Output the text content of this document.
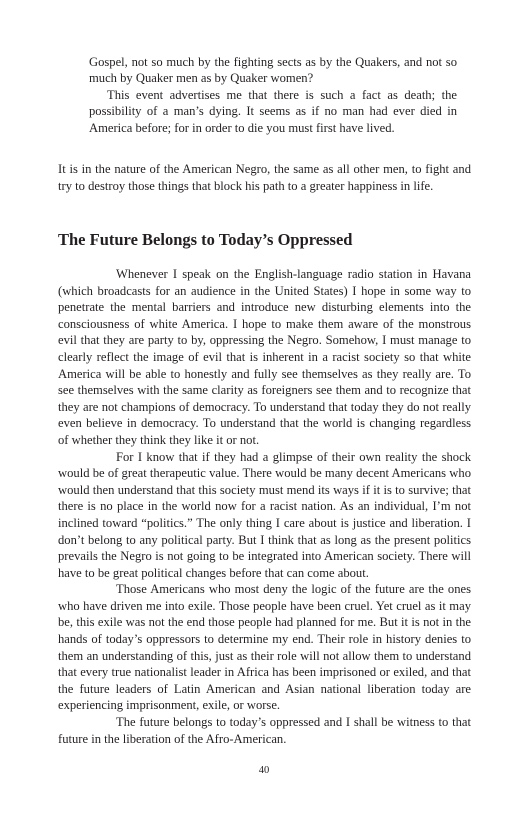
Gospel, not so much by the fighting sects as by the Quakers, and not so much by Quaker men as by Quaker women?

This event advertises me that there is such a fact as death; the possibility of a man’s dying. It seems as if no man had ever died in America before; for in order to die you must first have lived.

It is in the nature of the American Negro, the same as all other men, to fight and try to destroy those things that block his path to a greater happiness in life.

The Future Belongs to Today’s Oppressed

Whenever I speak on the English-language radio station in Havana (which broadcasts for an audience in the United States) I hope in some way to penetrate the mental barriers and introduce new disturbing elements into the consciousness of white America. I hope to make them aware of the monstrous evil that they are party to by, oppressing the Negro. Somehow, I must manage to clearly reflect the image of evil that is inherent in a racist society so that white America will be able to honestly and fully see themselves as they really are. To see themselves with the same clarity as foreigners see them and to recognize that they are not champions of democracy. To understand that today they do not really even believe in democracy. To understand that the world is changing regardless of whether they think they like it or not.

For I know that if they had a glimpse of their own reality the shock would be of great therapeutic value. There would be many decent Americans who would then understand that this society must mend its ways if it is to survive; that there is no place in the world now for a racist nation. As an individual, I’m not inclined toward “politics.” The only thing I care about is justice and liberation. I don’t belong to any political party. But I think that as long as the present politics prevails the Negro is not going to be integrated into American society. There will have to be great political changes before that can come about.

Those Americans who most deny the logic of the future are the ones who have driven me into exile. Those people have been cruel. Yet cruel as it may be, this exile was not the end those people had planned for me. But it is not in the hands of today’s oppressors to determine my end. Their role in history denies to them an understanding of this, just as their role will not allow them to understand that every true nationalist leader in Africa has been imprisoned or exiled, and that the future leaders of Latin American and Asian national liberation today are experiencing imprisonment, exile, or worse.

The future belongs to today’s oppressed and I shall be witness to that future in the liberation of the Afro-American.

40
